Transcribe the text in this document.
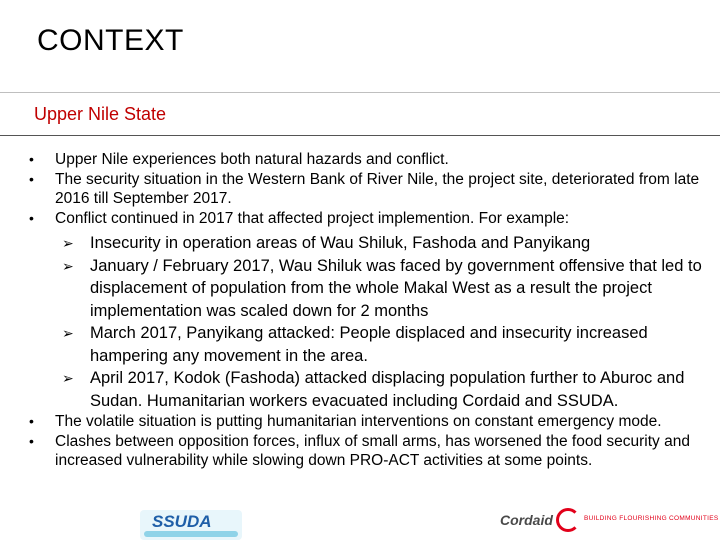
CONTEXT
Upper Nile State
• Upper Nile experiences both natural hazards and conflict.
• The security situation in the Western Bank of River Nile, the project site, deteriorated from late 2016 till September 2017.
• Conflict continued in 2017 that affected project implemention. For example:
➢ Insecurity in operation areas of Wau Shiluk, Fashoda and Panyikang
➢ January / February 2017, Wau Shiluk was faced by government offensive that led to displacement of population from the whole Makal West as a result the project implementation was scaled down for 2 months
➢ March 2017, Panyikang attacked: People displaced and insecurity increased hampering any movement in the area.
➢ April 2017, Kodok (Fashoda) attacked displacing population further to Aburoc and Sudan. Humanitarian workers evacuated including Cordaid and SSUDA.
• The volatile situation is putting humanitarian interventions on constant emergency mode.
• Clashes between opposition forces, influx of small arms, has worsened the food security and increased vulnerability while slowing down PRO-ACT activities at some points.
SSUDA	Cordaid	BUILDING FLOURISHING COMMUNITIES
